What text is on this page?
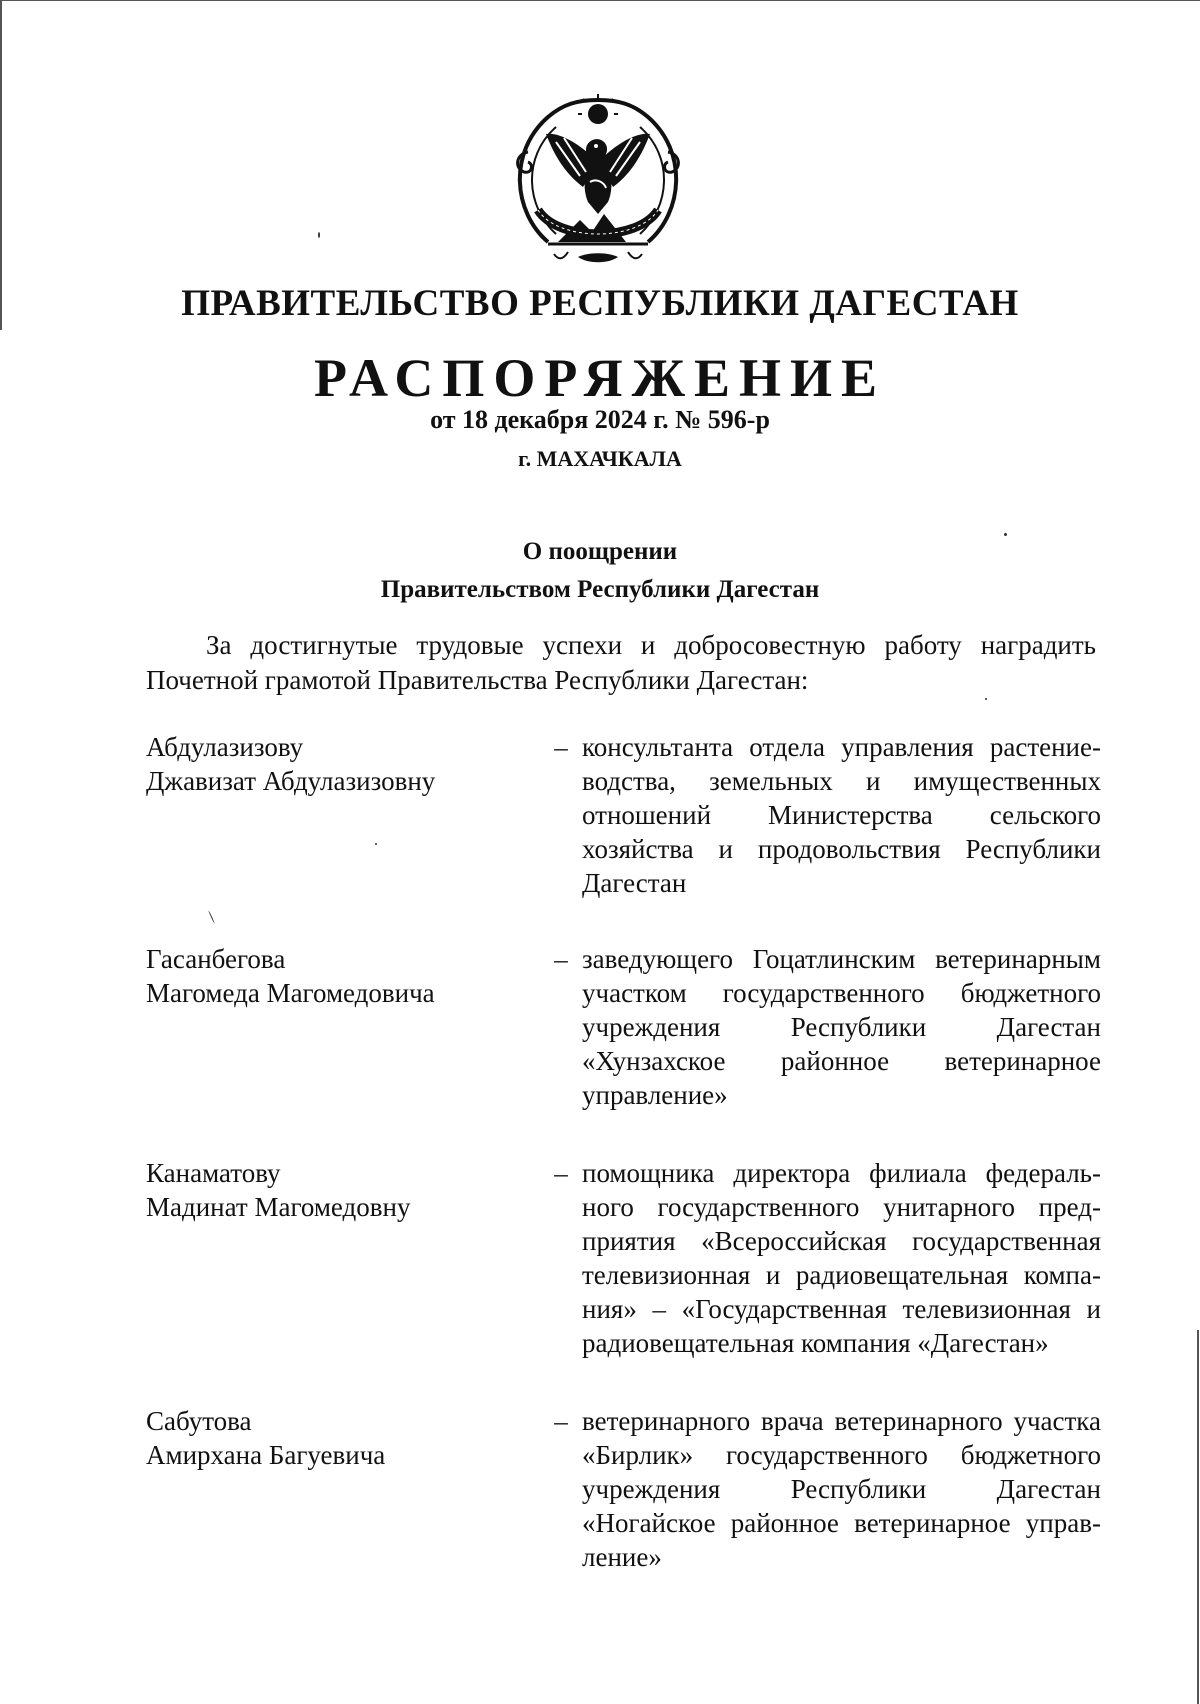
ПРАВИТЕЛЬСТВО РЕСПУБЛИКИ ДАГЕСТАН
РАСПОРЯЖЕНИЕ
от 18 декабря 2024 г. № 596-р
г. МАХАЧКАЛА
О поощрении
Правительством Республики Дагестан
За достигнутые трудовые успехи и добросовестную работу наградить Почетной грамотой Правительства Республики Дагестан:
Абдулазизову
Джавизат Абдулазизовну
– консультанта отдела управления растениеводства, земельных и имущественных отношений Министерства сельского хозяйства и продовольствия Республики Дагестан
Гасанбегова
Магомеда Магомедовича
– заведующего Гоцатлинским ветеринарным участком государственного бюджетного учреждения Республики Дагестан «Хунзахское районное ветеринарное управление»
Канаматову
Мадинат Магомедовну
– помощника директора филиала федерального государственного унитарного предприятия «Всероссийская государственная телевизионная и радиовещательная компания» – «Государственная телевизионная и радиовещательная компания «Дагестан»
Сабутова
Амирхана Багуевича
– ветеринарного врача ветеринарного участка «Бирлик» государственного бюджетного учреждения Республики Дагестан «Ногайское районное ветеринарное управление»
